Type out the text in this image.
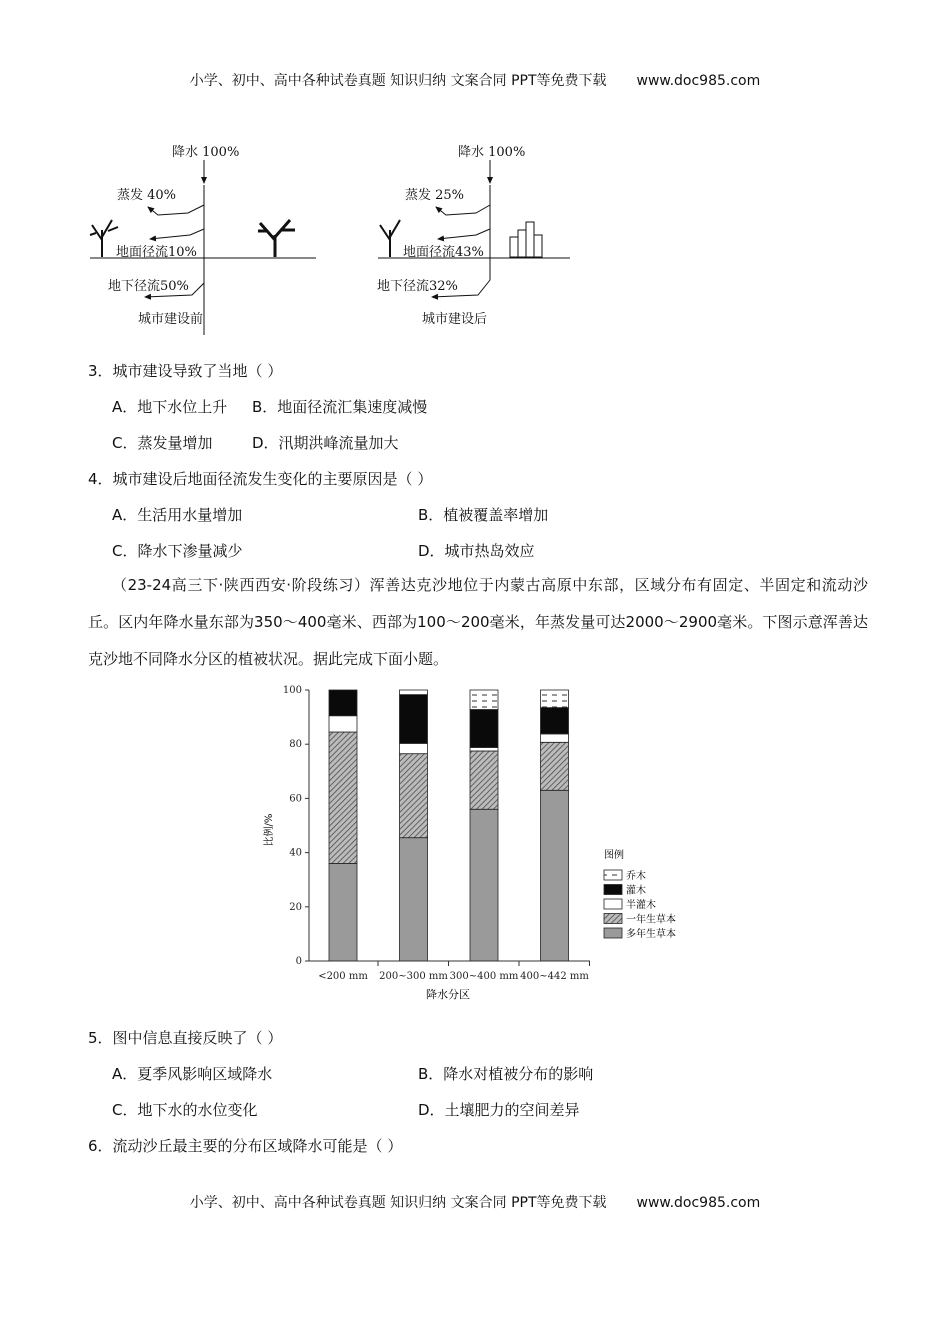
小学、初中、高中各种试卷真题 知识归纳 文案合同 PPT等免费下载 www.doc985.com
降水 100%
蒸发 40%
地面径流10%
地下径流50%
城市建设前
降水 100%
蒸发 25%
地面径流43%
地下径流32%
城市建设后
3．城市建设导致了当地（ ）
A．地下水位上升 B．地面径流汇集速度减慢
C．蒸发量增加	D．汛期洪峰流量加大
4．城市建设后地面径流发生变化的主要原因是（ ）
A．生活用水量增加	B．植被覆盖率增加
C．降水下渗量减少	D．城市热岛效应
（23-24高三下·陕西西安·阶段练习）浑善达克沙地位于内蒙古高原中东部，区域分布有固定、半固定和流动沙丘。区内年降水量东部为350～400毫米、西部为100～200毫米，年蒸发量可达2000～2900毫米。下图示意浑善达克沙地不同降水分区的植被状况。据此完成下面小题。
0
20
40
60
80
100
<200 mm 200~300 mm 300~400 mm 400~442 mm
比例/%
降水分区
图例
乔木
灌木
半灌木
一年生草本
多年生草本
5．图中信息直接反映了（ ）
A．夏季风影响区域降水	B．降水对植被分布的影响
C．地下水的水位变化	D．土壤肥力的空间差异
6．流动沙丘最主要的分布区域降水可能是（ ）
小学、初中、高中各种试卷真题 知识归纳 文案合同 PPT等免费下载 www.doc985.com
